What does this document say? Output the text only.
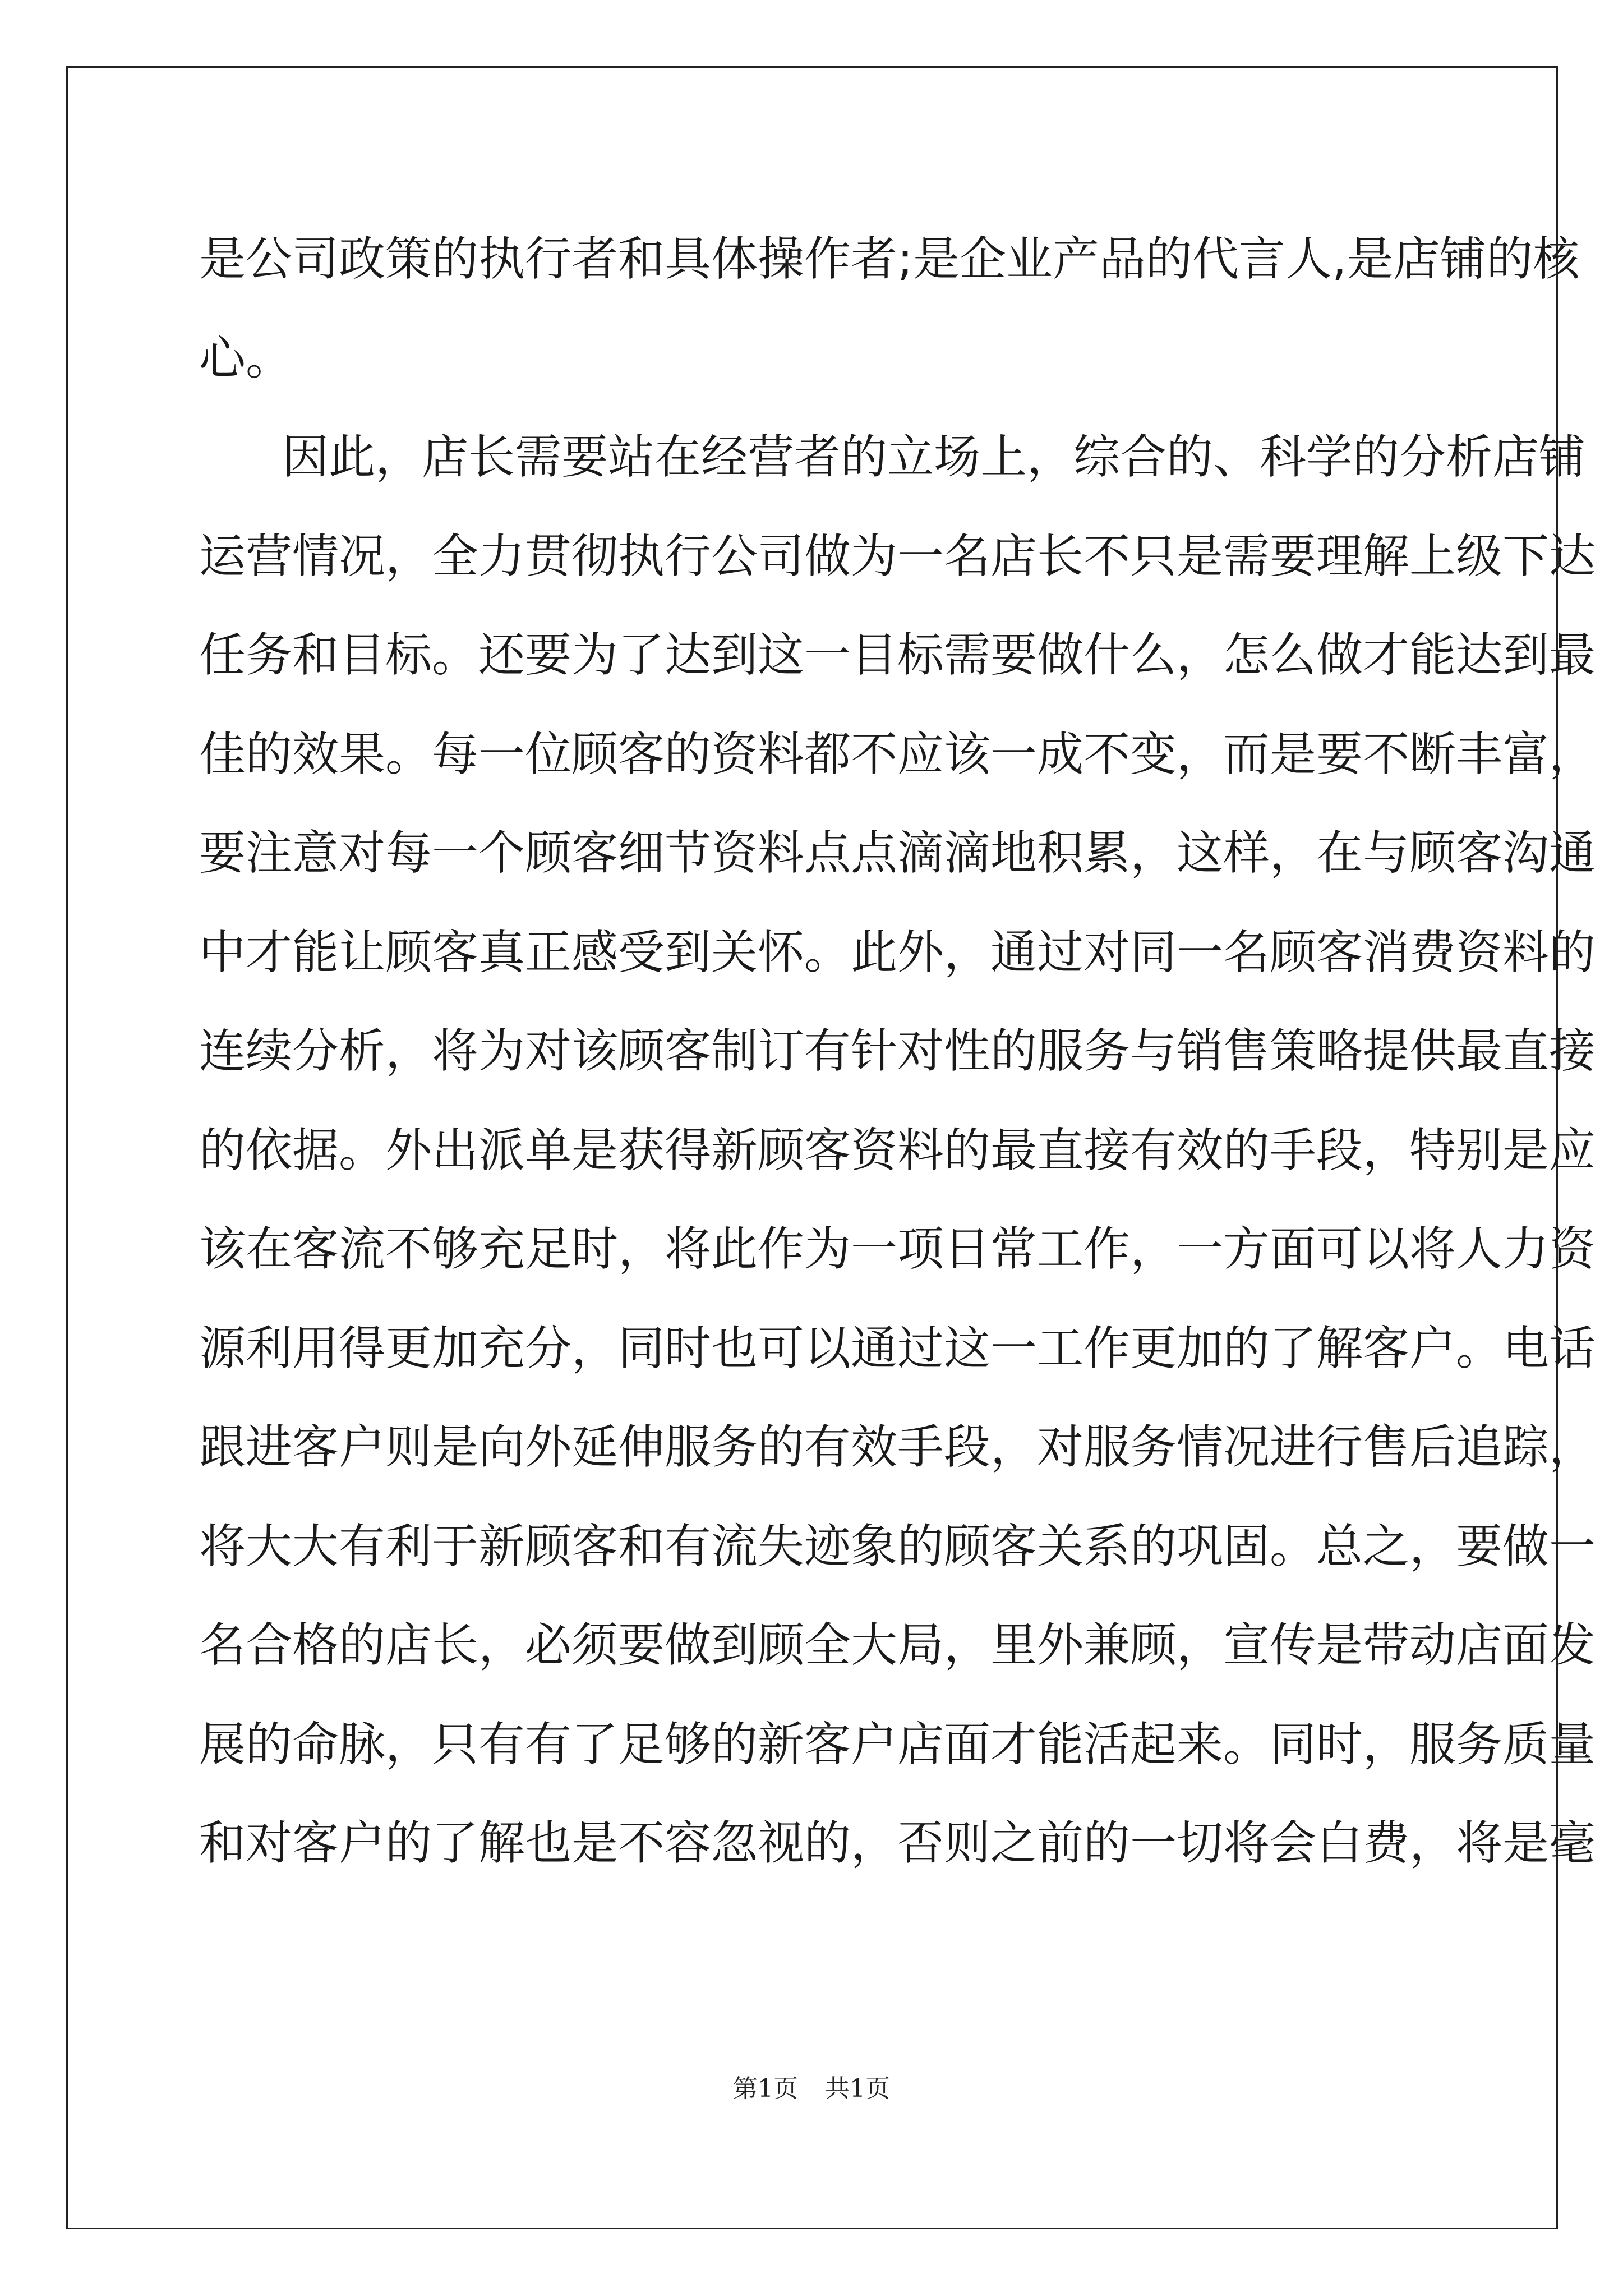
是公司政策的执行者和具体操作者;是企业产品的代言人,是店铺的核
心。
因此，店长需要站在经营者的立场上，综合的、科学的分析店铺
运营情况，全力贯彻执行公司做为一名店长不只是需要理解上级下达
任务和目标。还要为了达到这一目标需要做什么，怎么做才能达到最
佳的效果。每一位顾客的资料都不应该一成不变，而是要不断丰富，
要注意对每一个顾客细节资料点点滴滴地积累，这样，在与顾客沟通
中才能让顾客真正感受到关怀。此外，通过对同一名顾客消费资料的
连续分析，将为对该顾客制订有针对性的服务与销售策略提供最直接
的依据。外出派单是获得新顾客资料的最直接有效的手段，特别是应
该在客流不够充足时，将此作为一项日常工作，一方面可以将人力资
源利用得更加充分，同时也可以通过这一工作更加的了解客户。电话
跟进客户则是向外延伸服务的有效手段，对服务情况进行售后追踪，
将大大有利于新顾客和有流失迹象的顾客关系的巩固。总之，要做一
名合格的店长，必须要做到顾全大局，里外兼顾，宣传是带动店面发
展的命脉，只有有了足够的新客户店面才能活起来。同时，服务质量
和对客户的了解也是不容忽视的，否则之前的一切将会白费，将是毫
第1页 共1页
